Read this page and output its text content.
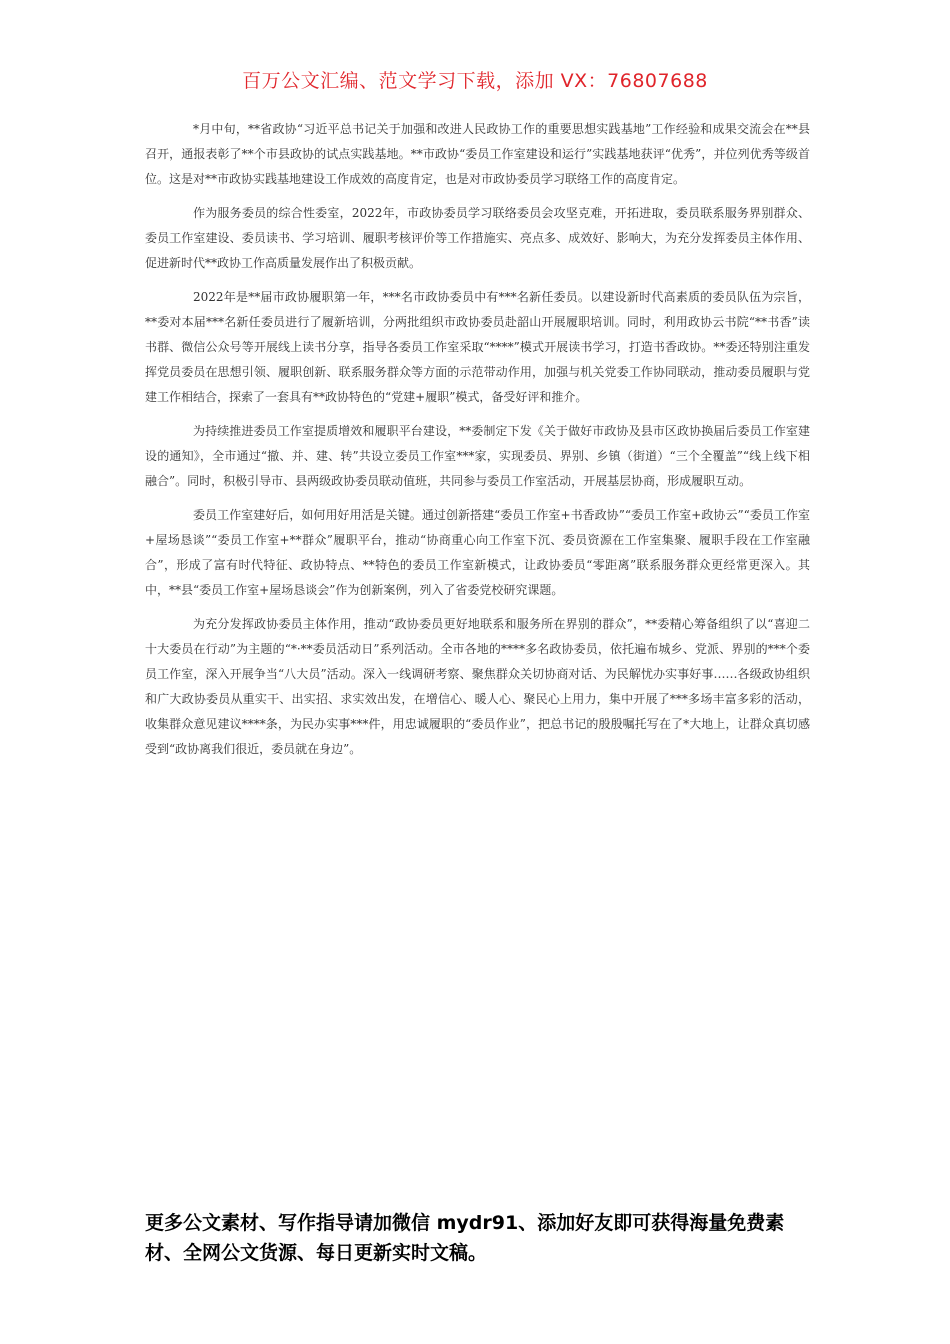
百万公文汇编、范文学习下载，添加 VX：76807688

*月中旬，**省政协“习近平总书记关于加强和改进人民政协工作的重要思想实践基地”工作经验和成果交流会在**县召开，通报表彰了**个市县政协的试点实践基地。**市政协“委员工作室建设和运行”实践基地获评“优秀”，并位列优秀等级首位。这是对**市政协实践基地建设工作成效的高度肯定，也是对市政协委员学习联络工作的高度肯定。

作为服务委员的综合性委室，2022年，市政协委员学习联络委员会攻坚克难，开拓进取，委员联系服务界别群众、委员工作室建设、委员读书、学习培训、履职考核评价等工作措施实、亮点多、成效好、影响大，为充分发挥委员主体作用、促进新时代**政协工作高质量发展作出了积极贡献。

2022年是**届市政协履职第一年，***名市政协委员中有***名新任委员。以建设新时代高素质的委员队伍为宗旨，**委对本届***名新任委员进行了履新培训，分两批组织市政协委员赴韶山开展履职培训。同时，利用政协云书院“**书香”读书群、微信公众号等开展线上读书分享，指导各委员工作室采取“****”模式开展读书学习，打造书香政协。**委还特别注重发挥党员委员在思想引领、履职创新、联系服务群众等方面的示范带动作用，加强与机关党委工作协同联动，推动委员履职与党建工作相结合，探索了一套具有**政协特色的“党建+履职”模式，备受好评和推介。

为持续推进委员工作室提质增效和履职平台建设，**委制定下发《关于做好市政协及县市区政协换届后委员工作室建设的通知》，全市通过“撤、并、建、转”共设立委员工作室***家，实现委员、界别、乡镇（街道）“三个全覆盖”“线上线下相融合”。同时，积极引导市、县两级政协委员联动值班，共同参与委员工作室活动，开展基层协商，形成履职互动。

委员工作室建好后，如何用好用活是关键。通过创新搭建“委员工作室+书香政协”“委员工作室+政协云”“委员工作室+屋场恳谈”“委员工作室+**群众”履职平台，推动“协商重心向工作室下沉、委员资源在工作室集聚、履职手段在工作室融合”，形成了富有时代特征、政协特点、**特色的委员工作室新模式，让政协委员“零距离”联系服务群众更经常更深入。其中，**县“委员工作室+屋场恳谈会”作为创新案例，列入了省委党校研究课题。

为充分发挥政协委员主体作用，推动“政协委员更好地联系和服务所在界别的群众”，**委精心筹备组织了以“喜迎二十大委员在行动”为主题的“*·**委员活动日”系列活动。全市各地的****多名政协委员，依托遍布城乡、党派、界别的***个委员工作室，深入开展争当“八大员”活动。深入一线调研考察、聚焦群众关切协商对话、为民解忧办实事好事……各级政协组织和广大政协委员从重实干、出实招、求实效出发，在增信心、暖人心、聚民心上用力，集中开展了***多场丰富多彩的活动，收集群众意见建议****条，为民办实事***件，用忠诚履职的“委员作业”，把总书记的殷殷嘱托写在了*大地上，让群众真切感受到“政协离我们很近，委员就在身边”。

更多公文素材、写作指导请加微信 mydr91、添加好友即可获得海量免费素材、全网公文货源、每日更新实时文稿。
